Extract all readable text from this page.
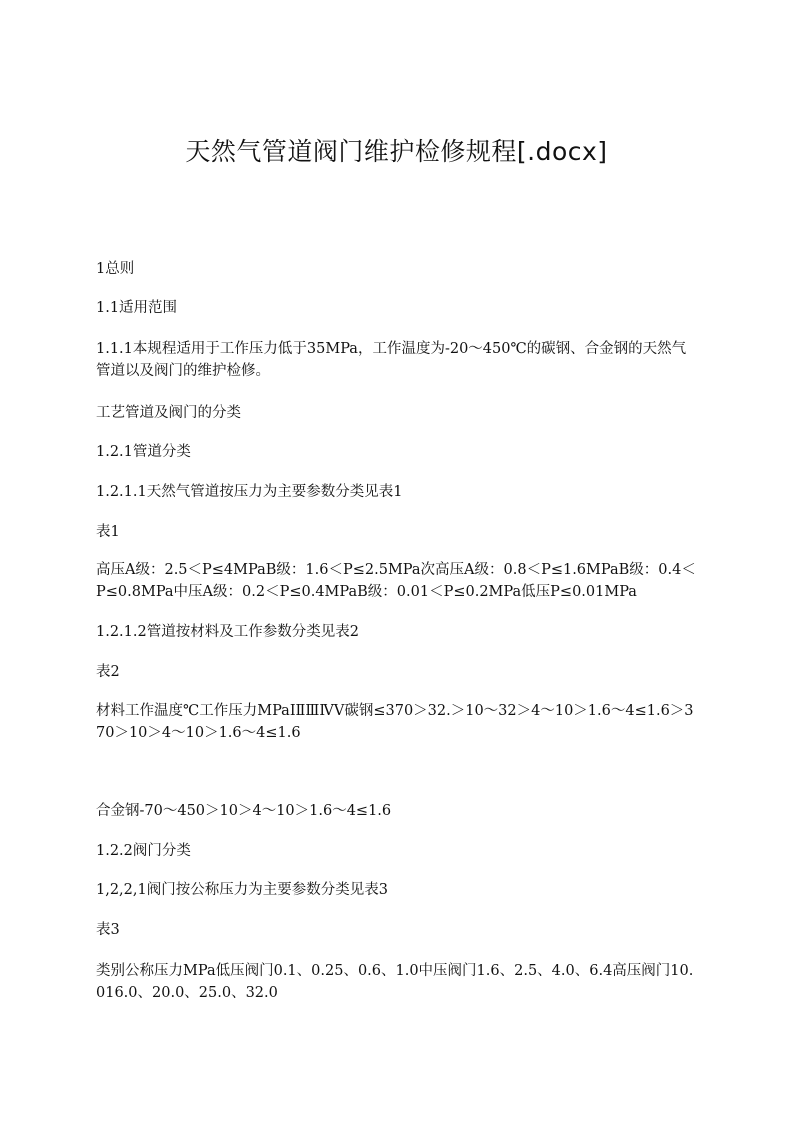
天然气管道阀门维护检修规程[.docx]

1总则

1.1适用范围

1.1.1本规程适用于工作压力低于35MPa，工作温度为-20～450℃的碳钢、合金钢的天然气管道以及阀门的维护检修。

工艺管道及阀门的分类

1.2.1管道分类

1.2.1.1天然气管道按压力为主要参数分类见表1

表1

高压A级：2.5＜P≤4MPaB级：1.6＜P≤2.5MPa次高压A级：0.8＜P≤1.6MPaB级：0.4＜P≤0.8MPa中压A级：0.2＜P≤0.4MPaB级：0.01＜P≤0.2MPa低压P≤0.01MPa

1.2.1.2管道按材料及工作参数分类见表2

表2

材料工作温度℃工作压力MPaⅠⅡⅢⅣⅤ碳钢≤370＞32.＞10～32＞4～10＞1.6～4≤1.6＞370＞10＞4～10＞1.6～4≤1.6

合金钢-70～450＞10＞4～10＞1.6～4≤1.6

1.2.2阀门分类

1,2,2,1阀门按公称压力为主要参数分类见表3

表3

类别公称压力MPa低压阀门0.1、0.25、0.6、1.0中压阀门1.6、2.5、4.0、6.4高压阀门10.016.0、20.0、25.0、32.0
